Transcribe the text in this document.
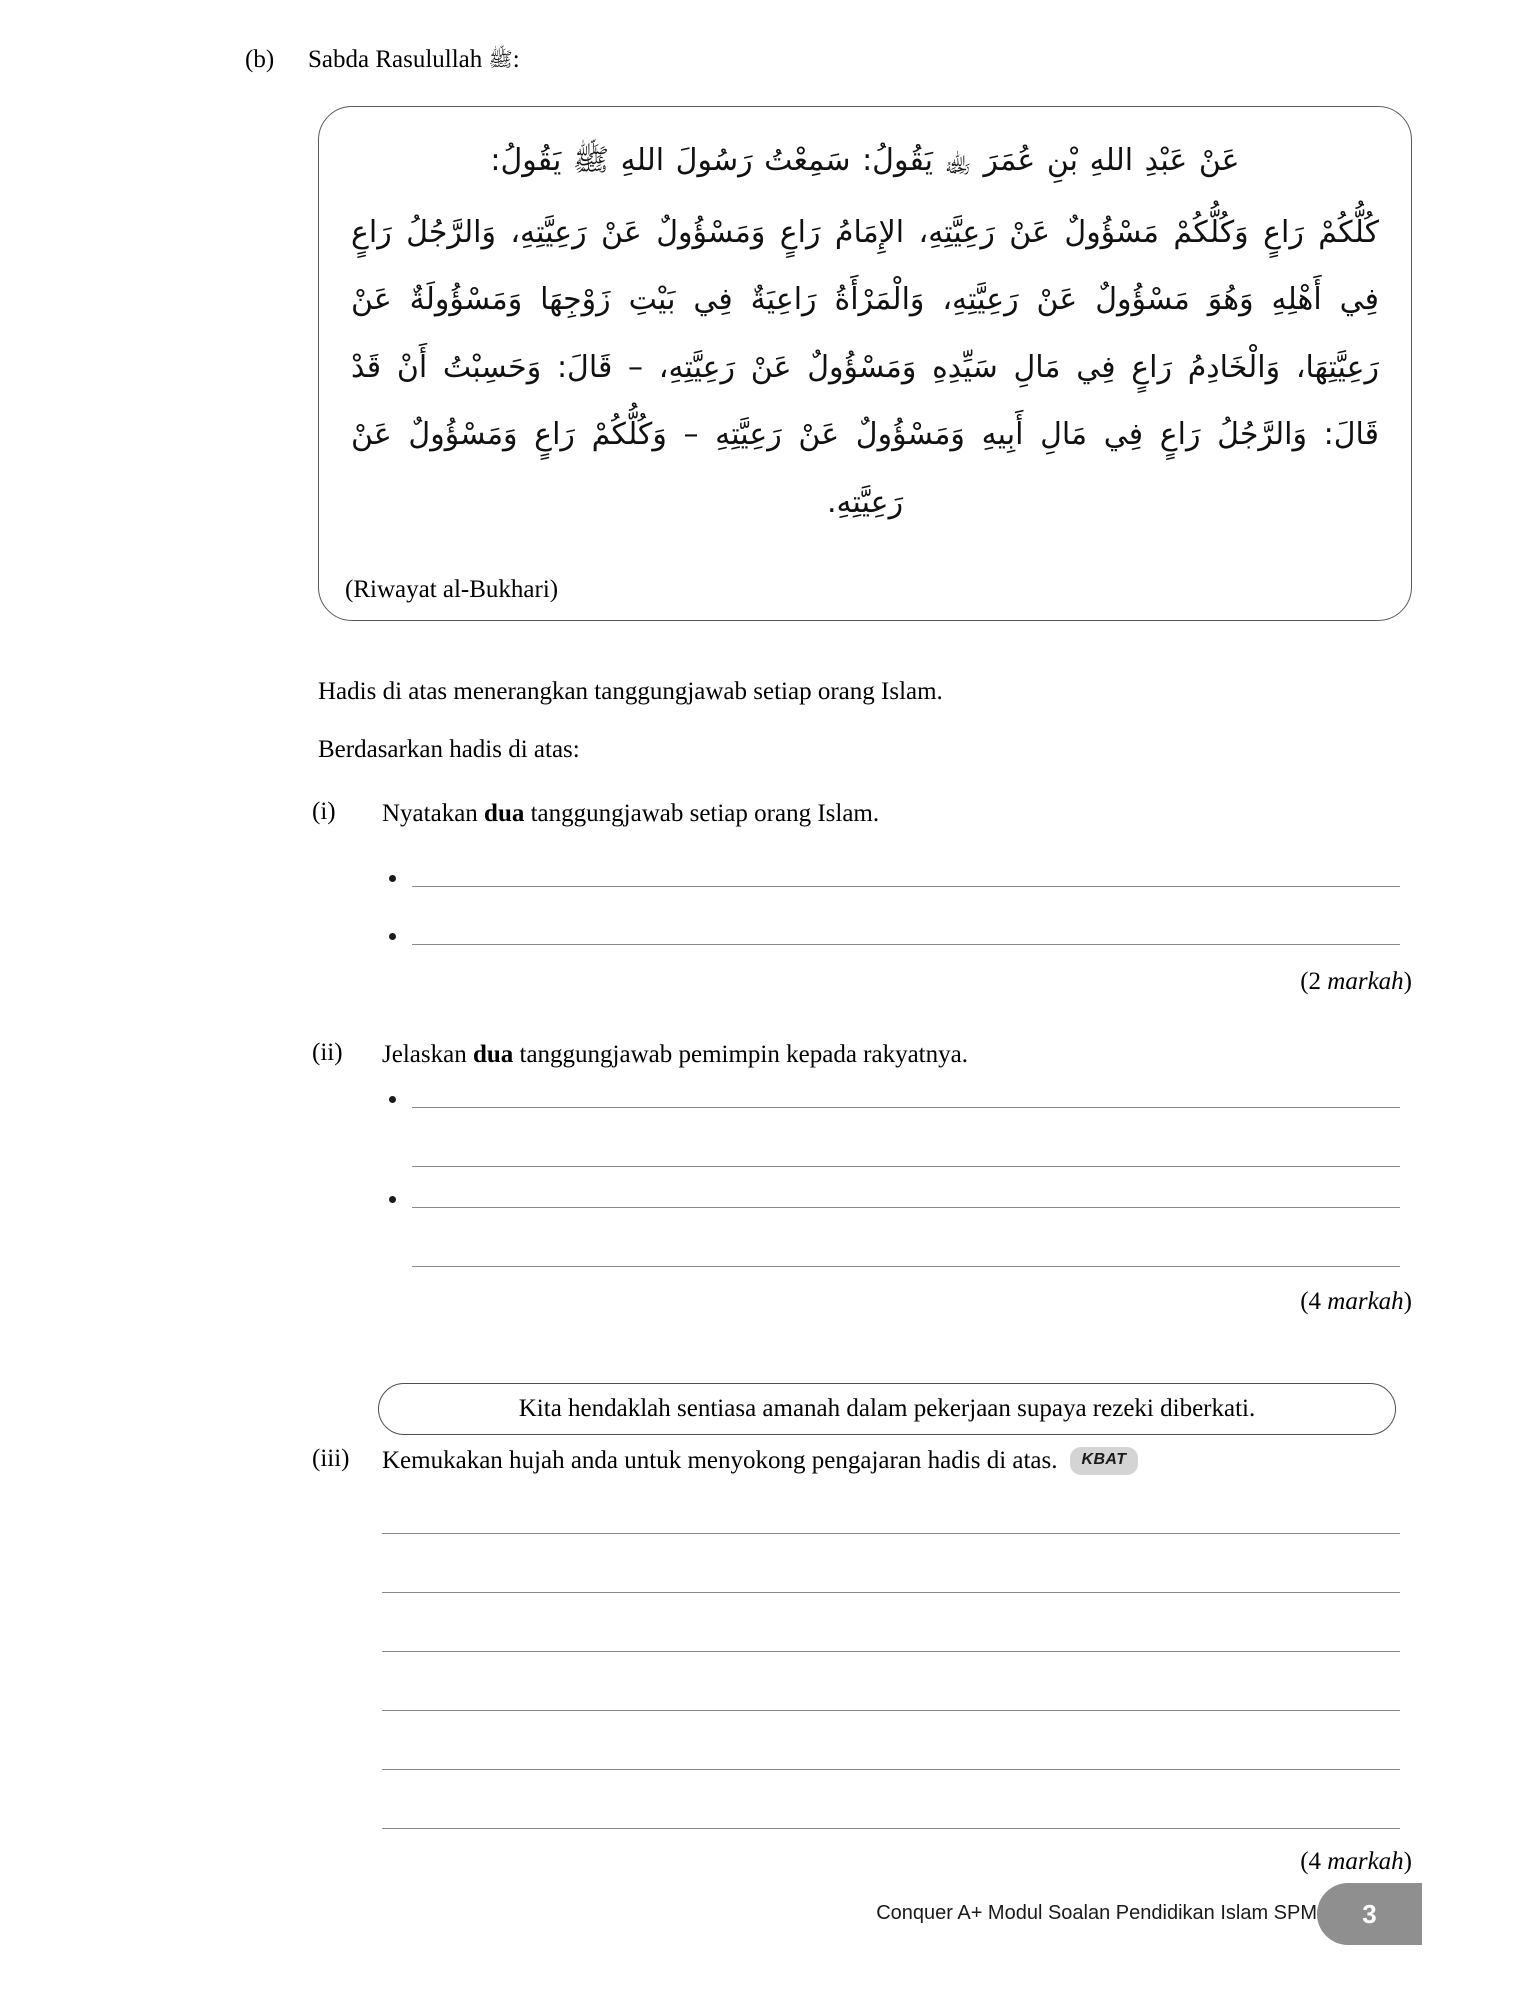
(b)	Sabda Rasulullah ﷺ:
عَنْ عَبْدِ اللهِ بْنِ عُمَرَ ﵀ يَقُولُ: سَمِعْتُ رَسُولَ اللهِ ﷺ يَقُولُ:
كُلُّكُمْ رَاعٍ وَكُلُّكُمْ مَسْؤُولٌ عَنْ رَعِيَّتِهِ، الإِمَامُ رَاعٍ وَمَسْؤُولٌ عَنْ رَعِيَّتِهِ، وَالرَّجُلُ رَاعٍ فِي أَهْلِهِ وَهُوَ مَسْؤُولٌ عَنْ رَعِيَّتِهِ، وَالْمَرْأَةُ رَاعِيَةٌ فِي بَيْتِ زَوْجِهَا وَمَسْؤُولَةٌ عَنْ رَعِيَّتِهَا، وَالْخَادِمُ رَاعٍ فِي مَالِ سَيِّدِهِ وَمَسْؤُولٌ عَنْ رَعِيَّتِهِ، – قَالَ: وَحَسِبْتُ أَنْ قَدْ قَالَ: وَالرَّجُلُ رَاعٍ فِي مَالِ أَبِيهِ وَمَسْؤُولٌ عَنْ رَعِيَّتِهِ – وَكُلُّكُمْ رَاعٍ وَمَسْؤُولٌ عَنْ رَعِيَّتِهِ.
(Riwayat al-Bukhari)
Hadis di atas menerangkan tanggungjawab setiap orang Islam.
Berdasarkan hadis di atas:
(i)	Nyatakan dua tanggungjawab setiap orang Islam.
(2 markah)
(ii)	Jelaskan dua tanggungjawab pemimpin kepada rakyatnya.
(4 markah)
Kita hendaklah sentiasa amanah dalam pekerjaan supaya rezeki diberkati.
(iii)	Kemukakan hujah anda untuk menyokong pengajaran hadis di atas. KBAT
(4 markah)
Conquer A+ Modul Soalan Pendidikan Islam SPM 3
